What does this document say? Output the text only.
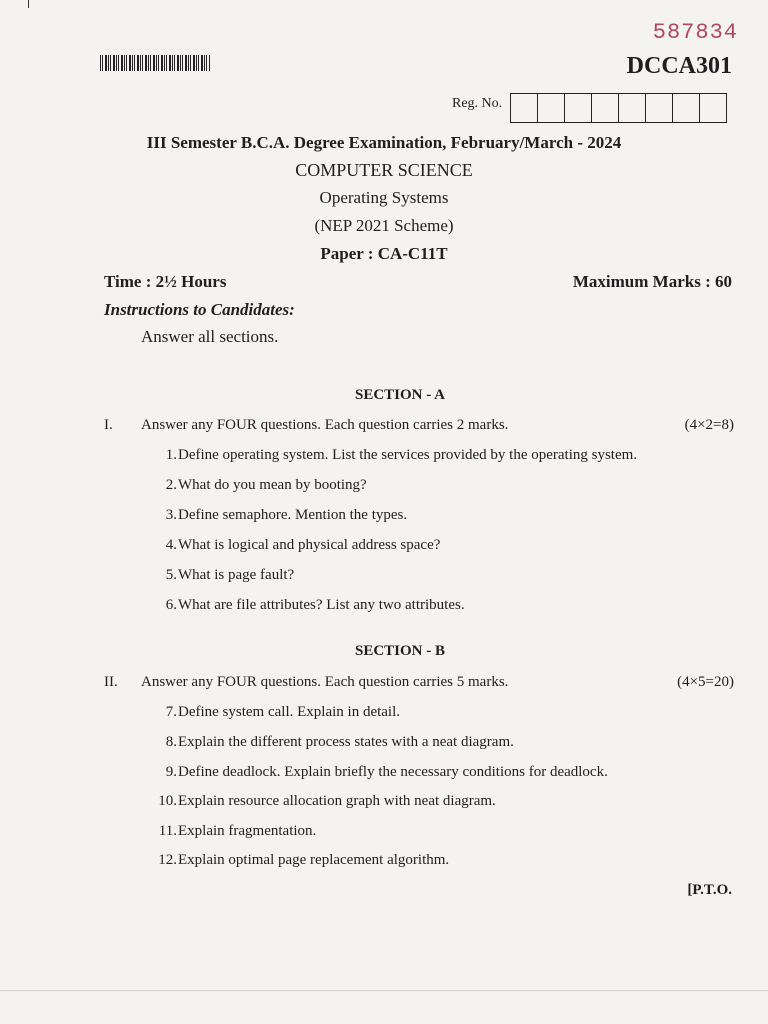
587834
DCCA301
Reg. No.
III Semester B.C.A. Degree Examination, February/March - 2024
COMPUTER SCIENCE
Operating Systems
(NEP 2021 Scheme)
Paper : CA-C11T
Time : 2½ Hours	Maximum Marks : 60
Instructions to Candidates:
Answer all sections.
SECTION - A
I. Answer any FOUR questions. Each question carries 2 marks.	(4×2=8)
1. Define operating system. List the services provided by the operating system.
2. What do you mean by booting?
3. Define semaphore. Mention the types.
4. What is logical and physical address space?
5. What is page fault?
6. What are file attributes? List any two attributes.
SECTION - B
II. Answer any FOUR questions. Each question carries 5 marks.	(4×5=20)
7. Define system call. Explain in detail.
8. Explain the different process states with a neat diagram.
9. Define deadlock. Explain briefly the necessary conditions for deadlock.
10. Explain resource allocation graph with neat diagram.
11. Explain fragmentation.
12. Explain optimal page replacement algorithm.
[P.T.O.
